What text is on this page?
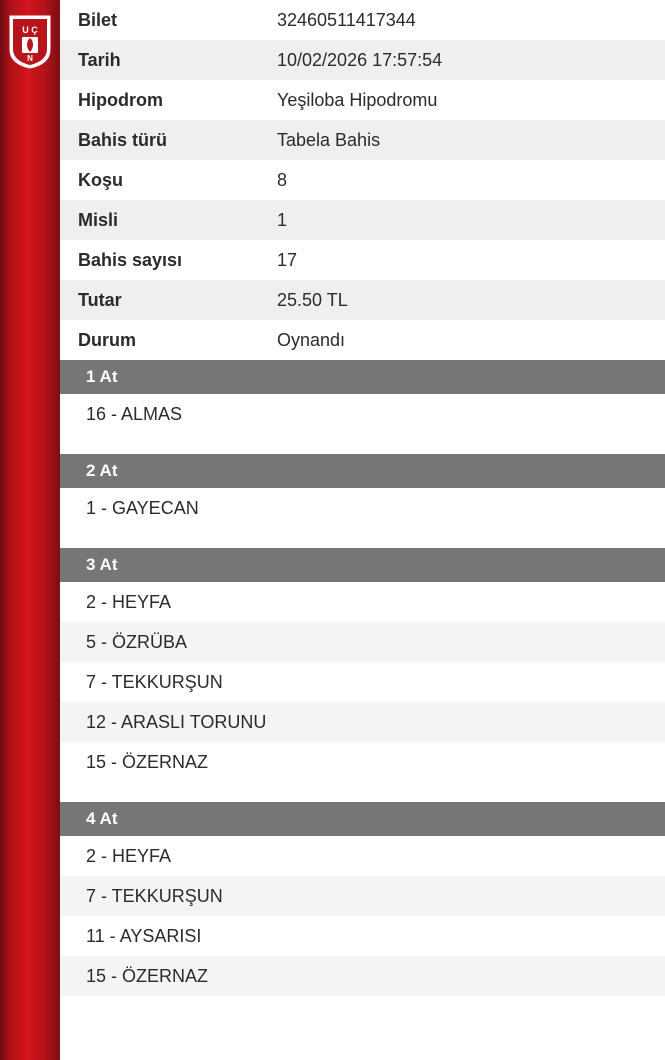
U Ç
N
Bilet	32460511417344
Tarih	10/02/2026 17:57:54
Hipodrom	Yeşiloba Hipodromu
Bahis türü	Tabela Bahis
Koşu	8
Misli	1
Bahis sayısı	17
Tutar	25.50 TL
Durum	Oynandı
1 At
16 - ALMAS
2 At
1 - GAYECAN
3 At
2 - HEYFA
5 - ÖZRÜBA
7 - TEKKURŞUN
12 - ARASLI TORUNU
15 - ÖZERNAZ
4 At
2 - HEYFA
7 - TEKKURŞUN
11 - AYSARISI
15 - ÖZERNAZ
